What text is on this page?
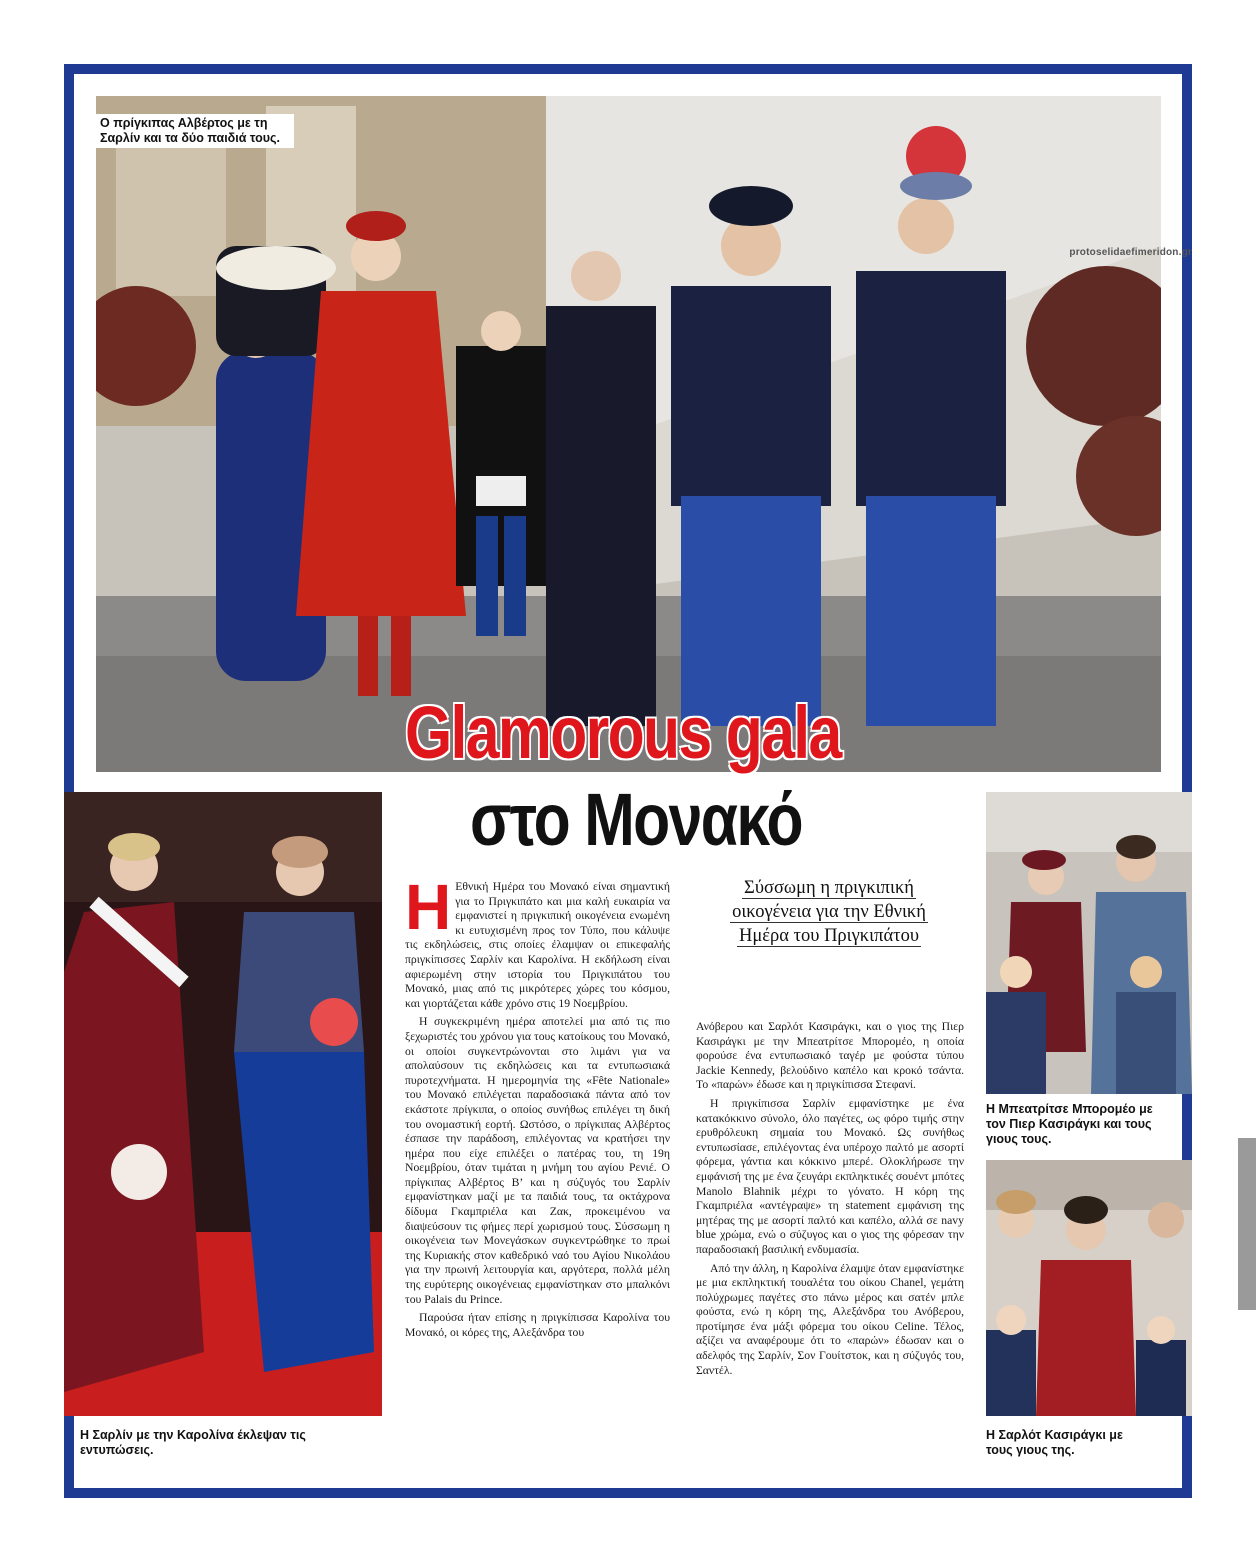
Ο πρίγκιπας Αλβέρτος με τη Σαρλίν και τα δύο παιδιά τους.
protoselidaefimeridon.gr
Glamorous gala
στο Μονακό
Η Σαρλίν με την Καρολίνα έκλεψαν τις εντυπώσεις.

Η Εθνική Ημέρα του Μονακό είναι σημαντική για το Πριγκιπάτο και μια καλή ευκαιρία να εμφανιστεί η πριγκιπική οικογένεια ενωμένη κι ευτυχισμένη προς τον Τύπο, που κάλυψε τις εκδηλώσεις, στις οποίες έλαμψαν οι επικεφαλής πριγκίπισσες Σαρλίν και Καρολίνα. Η εκδήλωση είναι αφιερωμένη στην ιστορία του Πριγκιπάτου του Μονακό, μιας από τις μικρότερες χώρες του κόσμου, και γιορτάζεται κάθε χρόνο στις 19 Νοεμβρίου.

Η συγκεκριμένη ημέρα αποτελεί μια από τις πιο ξεχωριστές του χρόνου για τους κατοίκους του Μονακό, οι οποίοι συγκεντρώνονται στο λιμάνι για να απολαύσουν τις εκδηλώσεις και τα εντυπωσιακά πυροτεχνήματα. Η ημερομηνία της «Fête Nationale» του Μονακό επιλέγεται παραδοσιακά πάντα από τον εκάστοτε πρίγκιπα, ο οποίος συνήθως επιλέγει τη δική του ονομαστική εορτή. Ωστόσο, ο πρίγκιπας Αλβέρτος έσπασε την παράδοση, επιλέγοντας να κρατήσει την ημέρα που είχε επιλέξει ο πατέρας του, τη 19η Νοεμβρίου, όταν τιμάται η μνήμη του αγίου Ρενιέ. Ο πρίγκιπας Αλβέρτος Β’ και η σύζυγός του Σαρλίν εμφανίστηκαν μαζί με τα παιδιά τους, τα οκτάχρονα δίδυμα Γκαμπριέλα και Ζακ, προκειμένου να διαψεύσουν τις φήμες περί χωρισμού τους. Σύσσωμη η οικογένεια των Μονεγάσκων συγκεντρώθηκε το πρωί της Κυριακής στον καθεδρικό ναό του Αγίου Νικολάου για την πρωινή λειτουργία και, αργότερα, πολλά μέλη της ευρύτερης οικογένειας εμφανίστηκαν στο μπαλκόνι του Palais du Prince.

Παρούσα ήταν επίσης η πριγκίπισσα Καρολίνα του Μονακό, οι κόρες της, Αλεξάνδρα του

Σύσσωμη η πριγκιπική
οικογένεια για την Εθνική
Ημέρα του Πριγκιπάτου

Ανόβερου και Σαρλότ Κασιράγκι, και ο γιος της Πιερ Κασιράγκι με την Μπεατρίτσε Μπορoμέο, η οποία φορούσε ένα εντυπωσιακό ταγέρ με φούστα τύπου Jackie Kennedy, βελούδινο καπέλο και κροκό τσάντα. Το «παρών» έδωσε και η πριγκίπισσα Στεφανί.

Η πριγκίπισσα Σαρλίν εμφανίστηκε με ένα κατακόκκινο σύνολο, όλο παγέτες, ως φόρο τιμής στην ερυθρόλευκη σημαία του Μονακό. Ως συνήθως εντυπωσίασε, επιλέγοντας ένα υπέροχο παλτό με ασορτί φόρεμα, γάντια και κόκκινο μπερέ. Ολοκλήρωσε την εμφάνισή της με ένα ζευγάρι εκπληκτικές σουέντ μπότες Manolo Blahnik μέχρι το γόνατο. Η κόρη της Γκαμπριέλα «αντέγραψε» τη statement εμφάνιση της μητέρας της με ασορτί παλτό και καπέλο, αλλά σε navy blue χρώμα, ενώ ο σύζυγος και ο γιος της φόρεσαν την παραδοσιακή βασιλική ενδυμασία.

Από την άλλη, η Καρολίνα έλαμψε όταν εμφανίστηκε με μια εκπληκτική τουαλέτα του οίκου Chanel, γεμάτη πολύχρωμες παγέτες στο πάνω μέρος και σατέν μπλε φούστα, ενώ η κόρη της, Αλεξάνδρα του Ανόβερου, προτίμησε ένα μάξι φόρεμα του οίκου Celine. Τέλος, αξίζει να αναφέρουμε ότι το «παρών» έδωσαν και ο αδελφός της Σαρλίν, Σον Γουίτστοκ, και η σύζυγός του, Σαντέλ.

Η Μπεατρίτσε Μπορoμέο με τον Πιερ Κασιράγκι και τους γιους τους.
Η Σαρλότ Κασιράγκι με τους γιους της.
